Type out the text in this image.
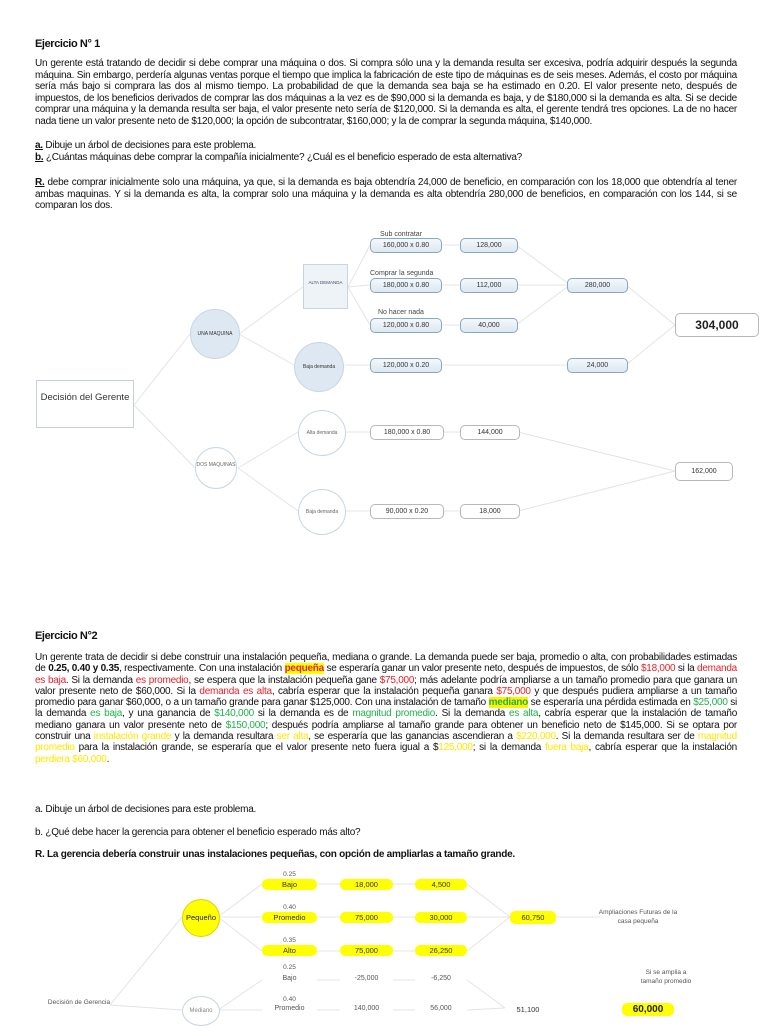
Ejercicio N° 1
Un gerente está tratando de decidir si debe comprar una máquina o dos. Si compra sólo una y la demanda resulta ser excesiva, podría adquirir después la segunda máquina. Sin embargo, perdería algunas ventas porque el tiempo que implica la fabricación de este tipo de máquinas es de seis meses. Además, el costo por máquina sería más bajo si comprara las dos al mismo tiempo. La probabilidad de que la demanda sea baja se ha estimado en 0.20. El valor presente neto, después de impuestos, de los beneficios derivados de comprar las dos máquinas a la vez es de $90,000 si la demanda es baja, y de $180,000 si la demanda es alta. Si se decide comprar una máquina y la demanda resulta ser baja, el valor presente neto sería de $120,000. Si la demanda es alta, el gerente tendrá tres opciones. La de no hacer nada tiene un valor presente neto de $120,000; la opción de subcontratar, $160,000; y la de comprar la segunda máquina, $140,000.
a. Dibuje un árbol de decisiones para este problema.
b. ¿Cuántas máquinas debe comprar la compañía inicialmente? ¿Cuál es el beneficio esperado de esta alternativa?
R. debe comprar inicialmente solo una máquina, ya que, si la demanda es baja obtendría 24,000 de beneficio, en comparación con los 18,000 que obtendría al tener ambas maquinas. Y si la demanda es alta, la comprar solo una máquina y la demanda es alta obtendría 280,000 de beneficios, en comparación con los 144, si se comparan los dos.
Decisión del Gerente
UNA MAQUINA
DOS MAQUINAS
ALTA DEMANDA
Baja demanda
Sub contratar
Comprar la segunda
No hacer nada
160,000 x 0.80
180,000 x 0.80
120,000 x 0.80
120,000 x 0.20
128,000
112,000
40,000
280,000
24,000
304,000
Alta demanda
Baja demanda
180,000 x 0.80
90,000 x 0.20
144,000
18,000
162,000
Ejercicio N°2
Un gerente trata de decidir si debe construir una instalación pequeña, mediana o grande. La demanda puede ser baja, promedio o alta, con probabilidades estimadas de 0.25, 0.40 y 0.35, respectivamente. Con una instalación pequeña se esperaría ganar un valor presente neto, después de impuestos, de sólo $18,000 si la demanda es baja. Si la demanda es promedio, se espera que la instalación pequeña gane $75,000; más adelante podría ampliarse a un tamaño promedio para que ganara un valor presente neto de $60,000. Si la demanda es alta, cabría esperar que la instalación pequeña ganara $75,000 y que después pudiera ampliarse a un tamaño promedio para ganar $60,000, o a un tamaño grande para ganar $125,000. Con una instalación de tamaño mediano se esperaría una pérdida estimada en $25,000 si la demanda es baja, y una ganancia de $140,000 si la demanda es de magnitud promedio. Si la demanda es alta, cabría esperar que la instalación de tamaño mediano ganara un valor presente neto de $150,000; después podría ampliarse al tamaño grande para obtener un beneficio neto de $145,000. Si se optara por construir una instalación grande y la demanda resultara ser alta, se esperaría que las ganancias ascendieran a $220,000. Si la demanda resultara ser de magnitud promedio para la instalación grande, se esperaría que el valor presente neto fuera igual a $125,000; si la demanda fuera baja, cabría esperar que la instalación perdiera $60,000.
a. Dibuje un árbol de decisiones para este problema.
b. ¿Qué debe hacer la gerencia para obtener el beneficio esperado más alto?
R. La gerencia debería construir unas instalaciones pequeñas, con opción de ampliarlas a tamaño grande.
Decisión de Gerencia
Pequeño
Mediano
0.25
Bajo
0.40
Promedio
0.35
Alto
18,000
75,000
75,000
4,500
30,000
26,250
60,750
Ampliaciones Futuras de la casa pequeña
0.25
Bajo
0.40
Promedio
-25,000
140,000
-6,250
56,000	51,100
Si se amplia a tamaño promedio
60,000
